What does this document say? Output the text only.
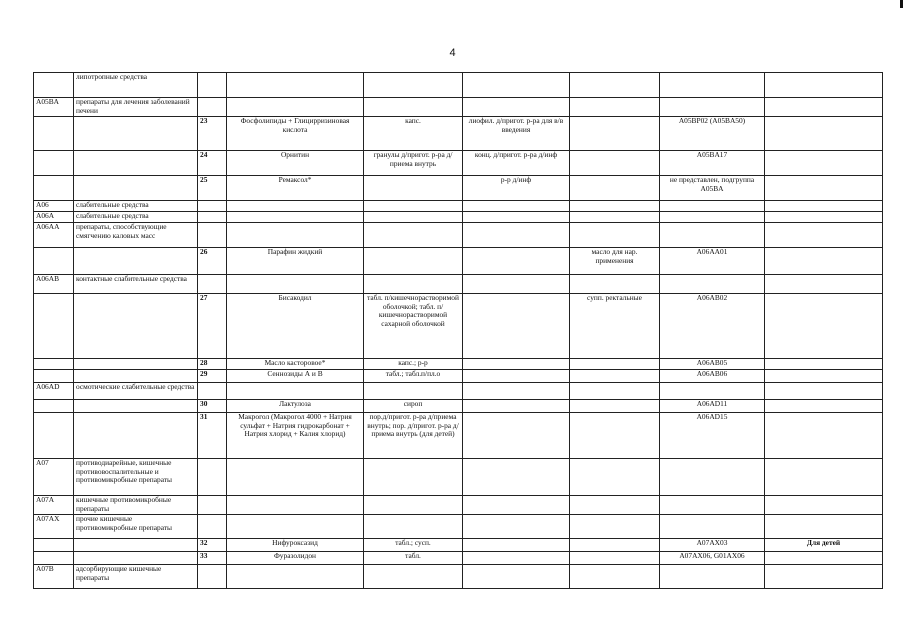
4
	липотропные средства							
A05BA	препараты для лечения заболеваний печени							
		23	Фосфолипиды + Глицирризиновая кислота	капс.	лиофил. д/пригот. р-ра для в/в введения		A05BP02 (A05BA50)	
		24	Орнитин	гранулы д/пригот. р-ра д/приема внутрь	конц. д/пригот. р-ра д/инф		A05BA17	
		25	Ремаксол*		р-р д/инф		не представлен, подгруппа A05BA	
A06	слабительные средства							
A06A	слабительные средства							
A06AA	препараты, способствующие смягчению каловых масс							
		26	Парафин жидкий			масло для нар. применения	A06AA01	
A06AB	контактные слабительные средства							
		27	Бисакодил	табл. п/кишечнорастворимой оболочкой; табл. п/кишечнорастворимой сахарной оболочкой		супп. ректальные	A06AB02	
		28	Масло касторовое*	капс.; р-р			A06AB05	
		29	Сеннозиды А и В	табл.; табл.п/пл.о			A06AB06	
A06AD	осмотические слабительные средства							
		30	Лактулоза	сироп			A06AD11	
		31	Макрогол (Макрогол 4000 + Натрия сульфат + Натрия гидрокарбонат + Натрия хлорид + Калия хлорид)	пор.д/пригот. р-ра д/приема внутрь; пор. д/пригот. р-ра д/приема внутрь (для детей)			A06AD15	
A07	противодиарейные, кишечные противовоспалительные и противомикробные препараты							
A07A	кишечные противомикробные препараты							
A07AX	прочие кишечные противомикробные препараты							
		32	Нифуроксазид	табл.; сусп.			A07AX03	Для детей
		33	Фуразолидон	табл.			A07AX06, G01AX06	
A07B	адсорбирующие кишечные препараты							
